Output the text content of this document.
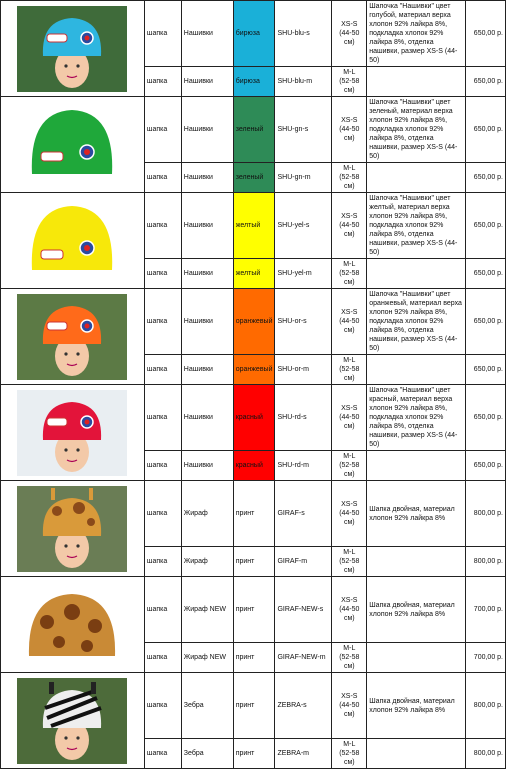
	шапка	Нашивки	бирюза	SHU-blu-s	XS-S
(44-50 см)	Шапочка "Нашивки" цвет голубой, материал верха хлопон 92% лайкра 8%, подкладка хлопок 92% лайкра 8%, отделка нашивки, размер XS-S (44-50)	650,00 р.
	шапка	Нашивки	бирюза	SHU-blu-m	M-L
(52-58 см)		650,00 р.

	шапка	Нашивки	зеленый	SHU-gn-s	XS-S
(44-50 см)	Шапочка "Нашивки" цвет зеленый, материал верха хлопон 92% лайкра 8%, подкладка хлопок 92% лайкра 8%, отделка нашивки, размер XS-S (44-50)	650,00 р.
	шапка	Нашивки	зеленый	SHU-gn-m	M-L
(52-58 см)		650,00 р.

	шапка	Нашивки	желтый	SHU-yel-s	XS-S
(44-50 см)	Шапочка "Нашивки" цвет желтый, материал верха хлопон 92% лайкра 8%, подкладка хлопок 92% лайкра 8%, отделка нашивки, размер XS-S (44-50)	650,00 р.
	шапка	Нашивки	желтый	SHU-yel-m	M-L
(52-58 см)		650,00 р.

	шапка	Нашивки	оранжевый	SHU-or-s	XS-S
(44-50 см)	Шапочка "Нашивки" цвет оранжевый, материал верха хлопон 92% лайкра 8%, подкладка хлопок 92% лайкра 8%, отделка нашивки, размер XS-S (44-50)	650,00 р.
	шапка	Нашивки	оранжевый	SHU-or-m	M-L
(52-58 см)		650,00 р.

	шапка	Нашивки	красный	SHU-rd-s	XS-S
(44-50 см)	Шапочка "Нашивки" цвет красный, материал верха хлопон 92% лайкра 8%, подкладка хлопок 92% лайкра 8%, отделка нашивки, размер XS-S (44-50)	650,00 р.
	шапка	Нашивки	красный	SHU-rd-m	M-L
(52-58 см)		650,00 р.

	шапка	Жираф	принт	GIRAF-s	XS-S
(44-50 см)	Шапка двойная, материал хлопон 92% лайкра 8%	800,00 р.
	шапка	Жираф	принт	GIRAF-m	M-L
(52-58 см)		800,00 р.

	шапка	Жираф NEW	принт	GIRAF-NEW-s	XS-S
(44-50 см)	Шапка двойная, материал хлопон 92% лайкра 8%	700,00 р.
	шапка	Жираф NEW	принт	GIRAF-NEW-m	M-L
(52-58 см)		700,00 р.

	шапка	Зебра	принт	ZEBRA-s	XS-S
(44-50 см)	Шапка двойная, материал хлопон 92% лайкра 8%	800,00 р.
	шапка	Зебра	принт	ZEBRA-m	M-L
(52-58 см)		800,00 р.
